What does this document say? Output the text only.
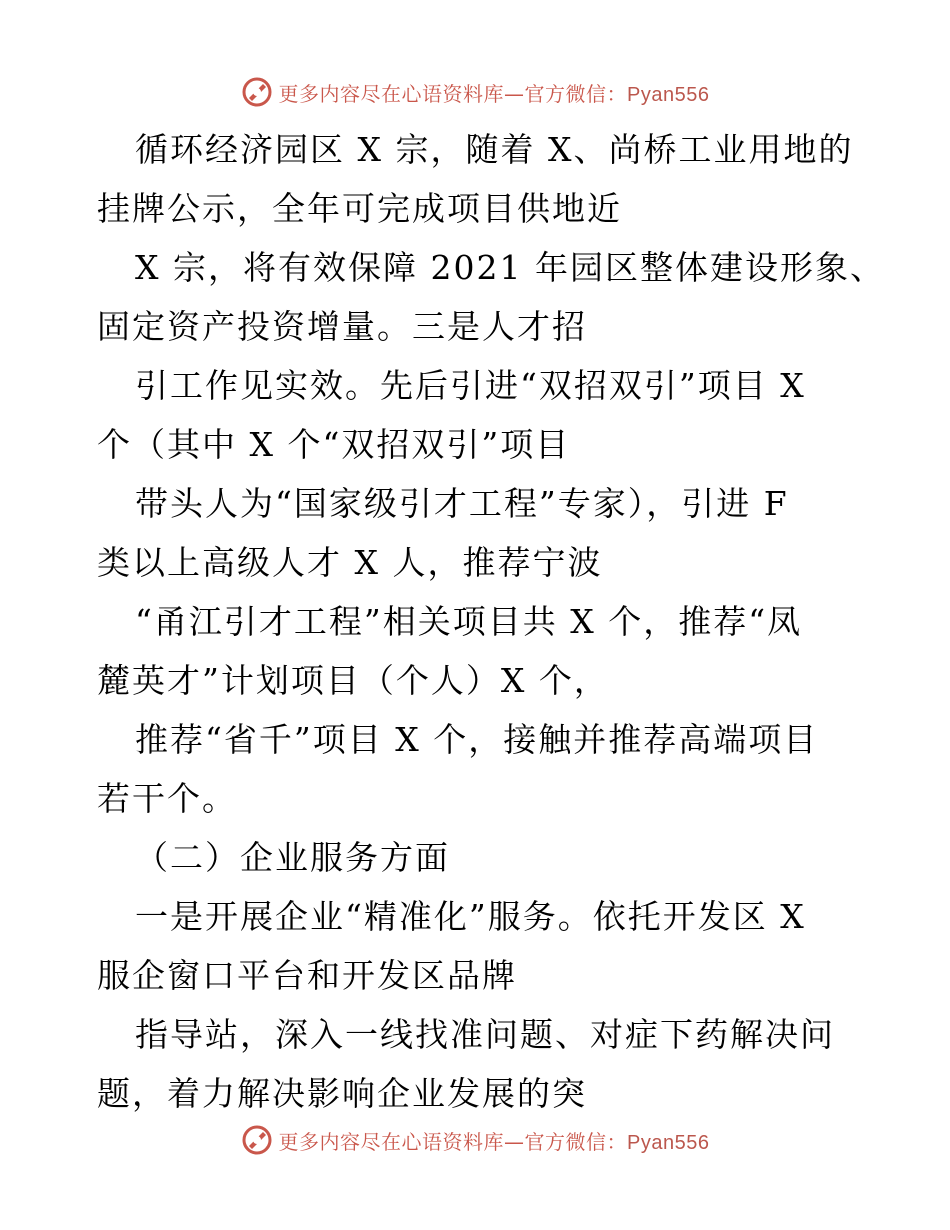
更多内容尽在心语资料库—官方微信：Pyan556
循环经济园区 X 宗，随着 X、尚桥工业用地的
挂牌公示，全年可完成项目供地近
X 宗，将有效保障 2021 年园区整体建设形象、
固定资产投资增量。三是人才招
引工作见实效。先后引进“双招双引”项目 X
个（其中 X 个“双招双引”项目
带头人为“国家级引才工程”专家），引进 F
类以上高级人才 X 人，推荐宁波
“甬江引才工程”相关项目共 X 个，推荐“凤
麓英才”计划项目（个人）X 个，
推荐“省千”项目 X 个，接触并推荐高端项目
若干个。
（二）企业服务方面
一是开展企业“精准化”服务。依托开发区 X
服企窗口平台和开发区品牌
指导站，深入一线找准问题、对症下药解决问
题，着力解决影响企业发展的突
更多内容尽在心语资料库—官方微信：Pyan556
